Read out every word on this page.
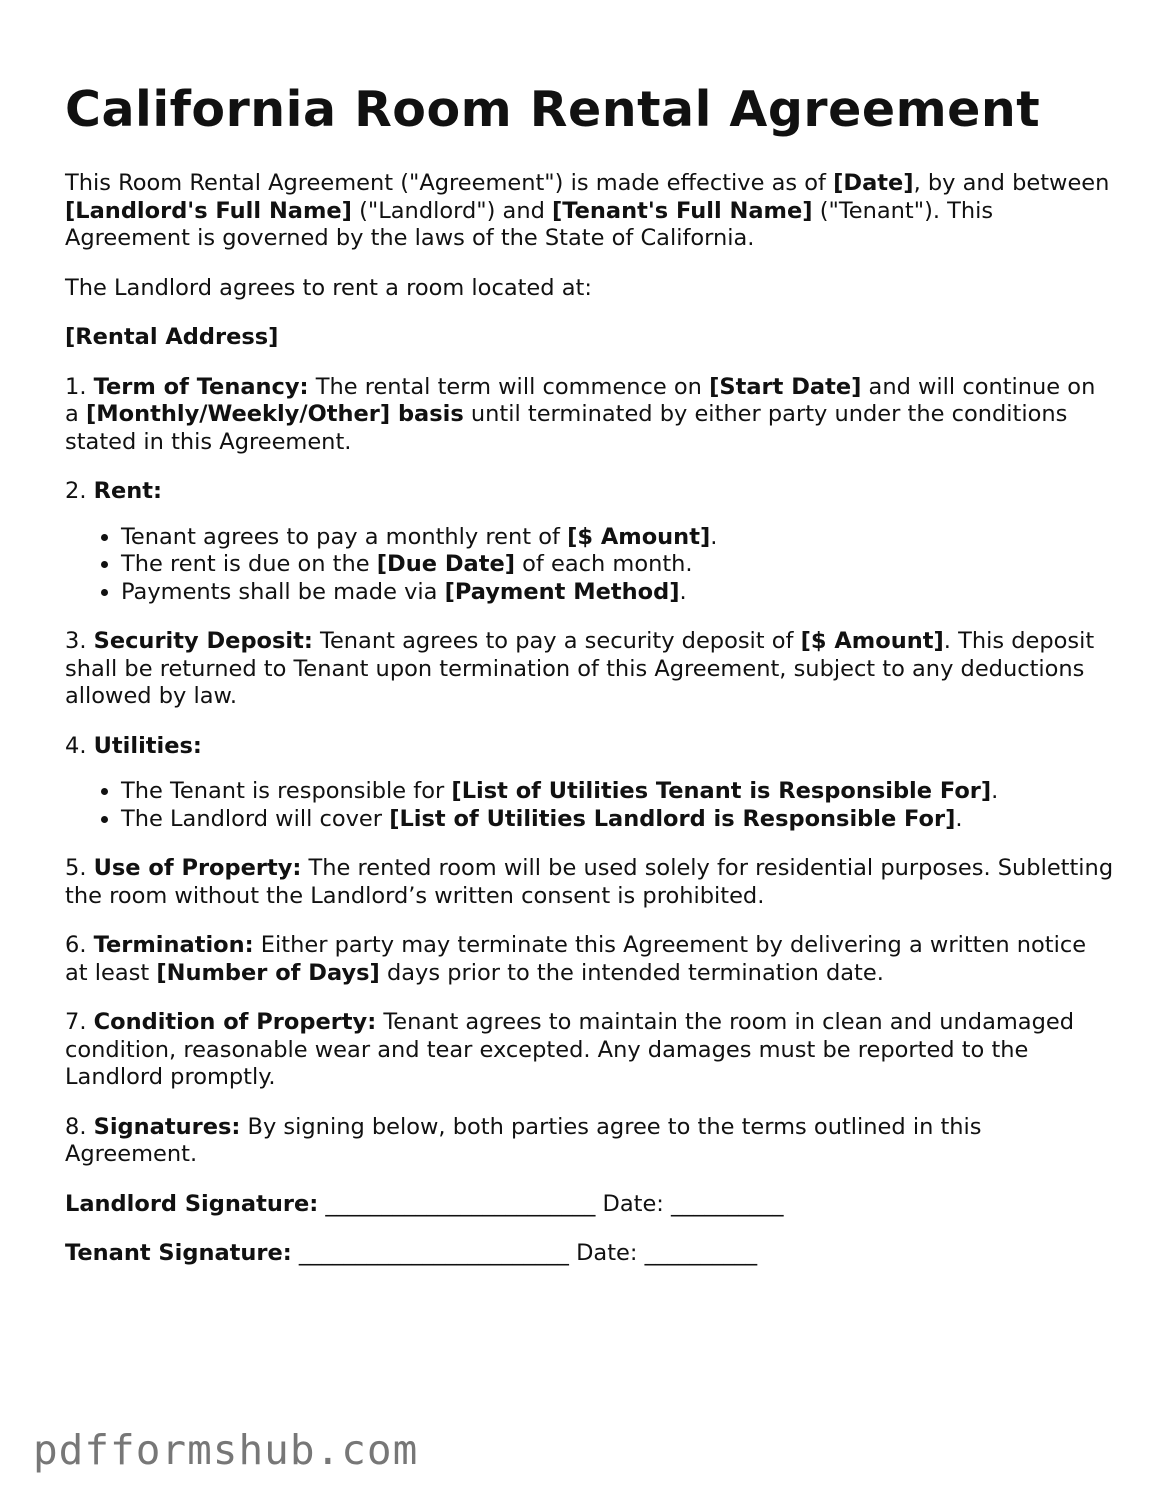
California Room Rental Agreement

This Room Rental Agreement ("Agreement") is made effective as of [Date], by and between [Landlord's Full Name] ("Landlord") and [Tenant's Full Name] ("Tenant"). This Agreement is governed by the laws of the State of California.

The Landlord agrees to rent a room located at:

[Rental Address]

1. Term of Tenancy: The rental term will commence on [Start Date] and will continue on a [Monthly/Weekly/Other] basis until terminated by either party under the conditions stated in this Agreement.

2. Rent:

• Tenant agrees to pay a monthly rent of [$ Amount].
• The rent is due on the [Due Date] of each month.
• Payments shall be made via [Payment Method].

3. Security Deposit: Tenant agrees to pay a security deposit of [$ Amount]. This deposit shall be returned to Tenant upon termination of this Agreement, subject to any deductions allowed by law.

4. Utilities:

• The Tenant is responsible for [List of Utilities Tenant is Responsible For].
• The Landlord will cover [List of Utilities Landlord is Responsible For].

5. Use of Property: The rented room will be used solely for residential purposes. Subletting the room without the Landlord’s written consent is prohibited.

6. Termination: Either party may terminate this Agreement by delivering a written notice at least [Number of Days] days prior to the intended termination date.

7. Condition of Property: Tenant agrees to maintain the room in clean and undamaged condition, reasonable wear and tear excepted. Any damages must be reported to the Landlord promptly.

8. Signatures: By signing below, both parties agree to the terms outlined in this Agreement.

Landlord Signature: ________________________ Date: __________
Tenant Signature: ________________________ Date: __________
pdfformshub.com
